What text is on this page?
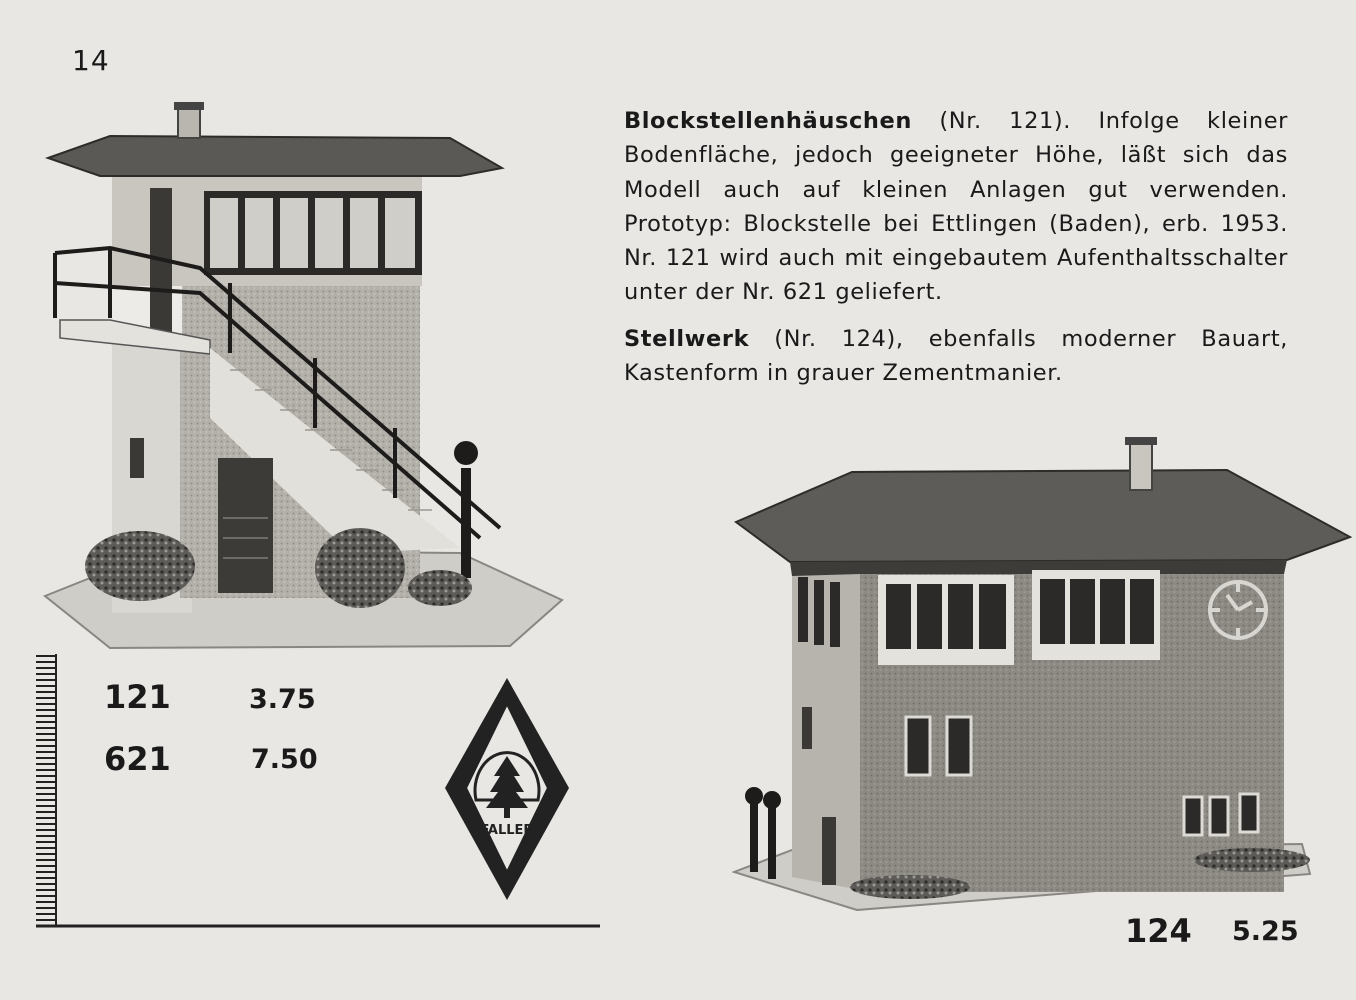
14

Blockstellenhäuschen (Nr. 121). Infolge kleiner Bodenfläche, jedoch geeigneter Höhe, läßt sich das Modell auch auf kleinen Anlagen gut verwenden. Prototyp: Blockstelle bei Ettlingen (Baden), erb. 1953. Nr. 121 wird auch mit eingebautem Aufenthaltsschalter unter der Nr. 621 geliefert.

Stellwerk (Nr. 124), ebenfalls moderner Bauart, Kastenform in grauer Zementmanier.

121	3.75
621	7.50
FALLER
124 5.25
